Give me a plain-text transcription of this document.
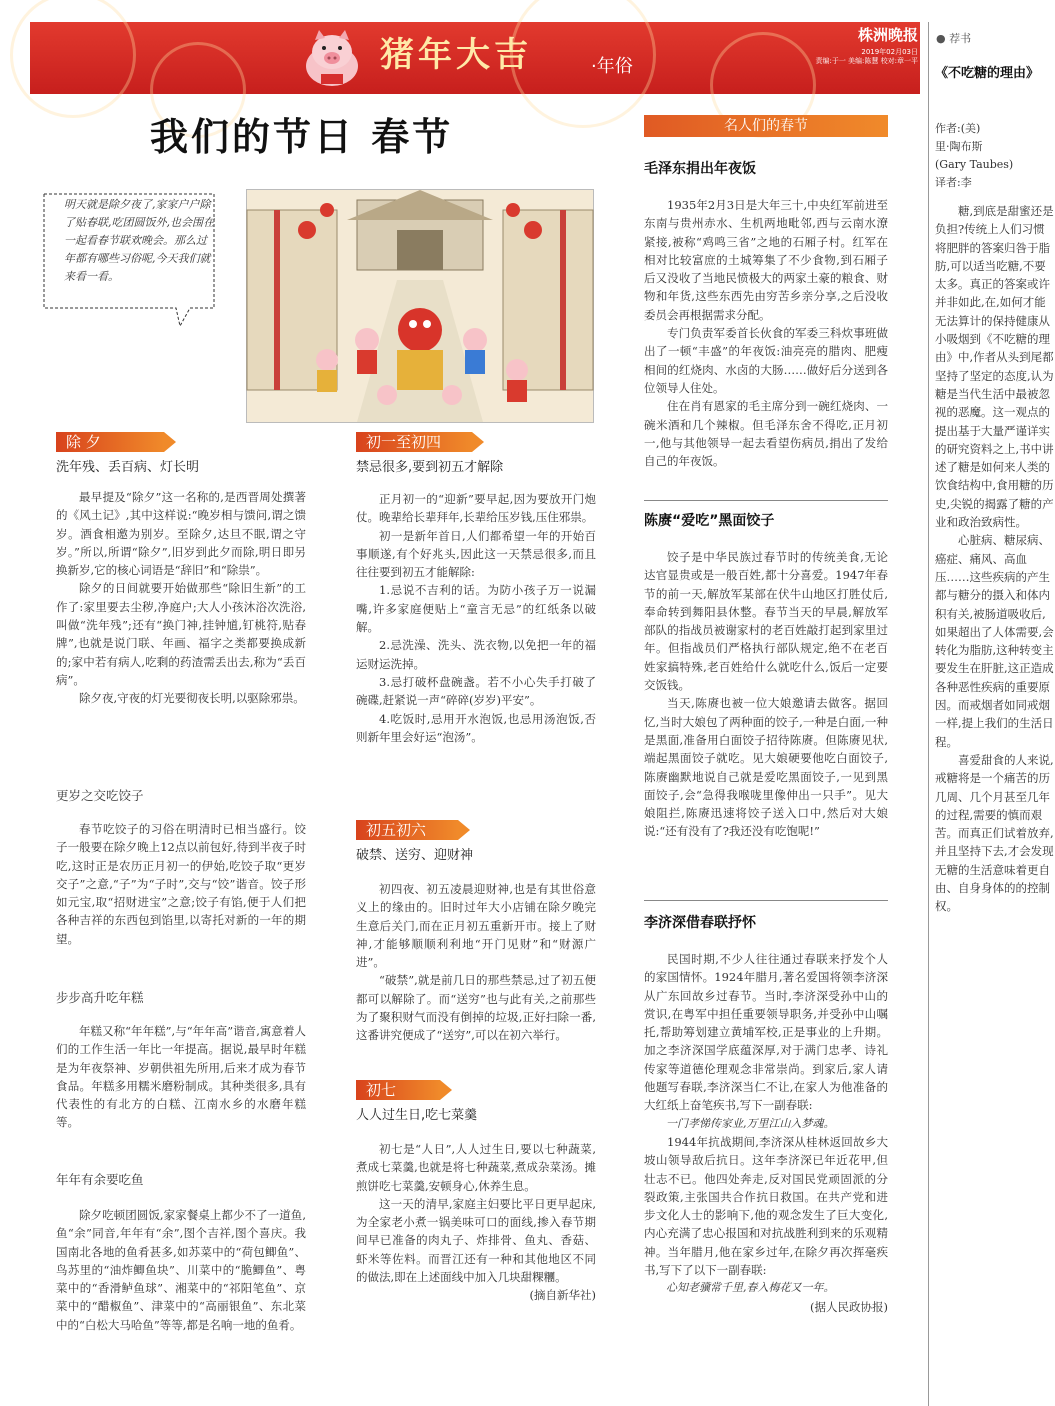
猪年大吉	·年俗
株洲晚报
2019年02月03日
责编:于一 美编:陈慧 校对:章一平
我们的节日 春节
明天就是除夕夜了,家家户户除了贴春联,吃团圆饭外,也会围在一起看春节联欢晚会。那么过年都有哪些习俗呢,今天我们就来看一看。
除 夕
洗年残、丢百病、灯长明

最早提及“除夕”这一名称的,是西晋周处撰著的《风土记》,其中这样说:“晚岁相与馈问,谓之馈岁。酒食相邀为别岁。至除夕,达旦不眠,谓之守岁。”所以,所谓“除夕”,旧岁到此夕而除,明日即另换新岁,它的核心词语是“辞旧”和“除祟”。

除夕的日间就要开始做那些“除旧生新”的工作了:家里要去尘秽,净庭户;大人小孩沐浴次洗浴,叫做“洗年残”;还有“换门神,挂钟馗,钉桃符,贴春牌”,也就是说门联、年画、福字之类都要换成新的;家中若有病人,吃剩的药渣需丢出去,称为“丢百病”。

除夕夜,守夜的灯光要彻夜长明,以驱除邪祟。

更岁之交吃饺子

春节吃饺子的习俗在明清时已相当盛行。饺子一般要在除夕晚上12点以前包好,待到半夜子时吃,这时正是农历正月初一的伊始,吃饺子取“更岁交子”之意,“子”为“子时”,交与“饺”谐音。饺子形如元宝,取“招财进宝”之意;饺子有馅,便于人们把各种吉祥的东西包到馅里,以寄托对新的一年的期望。

步步高升吃年糕

年糕又称“年年糕”,与“年年高”谐音,寓意着人们的工作生活一年比一年提高。据说,最早时年糕是为年夜祭神、岁朝供祖先所用,后来才成为春节食品。年糕多用糯米磨粉制成。其种类很多,具有代表性的有北方的白糕、江南水乡的水磨年糕等。

年年有余要吃鱼

除夕吃顿团圆饭,家家餐桌上都少不了一道鱼,鱼“余”同音,年年有“余”,图个吉祥,图个喜庆。我国南北各地的鱼肴甚多,如苏菜中的“荷包鲫鱼”、鸟苏里的“油炸鲫鱼块”、川菜中的“脆鲫鱼”、粤菜中的“香滑鲈鱼球”、湘菜中的“祁阳笔鱼”、京菜中的“醋椒鱼”、津菜中的“高丽银鱼”、东北菜中的“白松大马哈鱼”等等,都是名响一地的鱼肴。

初一至初四
禁忌很多,要到初五才解除

正月初一的“迎新”要早起,因为要放开门炮仗。晚辈给长辈拜年,长辈给压岁钱,压住邪祟。

初一是新年首日,人们都希望一年的开始百事顺遂,有个好兆头,因此这一天禁忌很多,而且往往要到初五才能解除:

1.忌说不吉利的话。为防小孩子万一说漏嘴,许多家庭便贴上“童言无忌”的红纸条以破解。

2.忌洗澡、洗头、洗衣物,以免把一年的福运财运洗掉。

3.忌打破杯盘碗盏。若不小心失手打破了碗碟,赶紧说一声“碎碎(岁岁)平安”。

4.吃饭时,忌用开水泡饭,也忌用汤泡饭,否则新年里会好运“泡汤”。

初五初六
破禁、送穷、迎财神

初四夜、初五凌晨迎财神,也是有其世俗意义上的缘由的。旧时过年大小店铺在除夕晚完生意后关门,而在正月初五重新开市。接上了财神,才能够顺顺利利地“开门见财”和“财源广进”。

“破禁”,就是前几日的那些禁忌,过了初五便都可以解除了。而“送穷”也与此有关,之前那些为了聚积财气而没有倒掉的垃圾,正好扫除一番,这番讲究便成了“送穷”,可以在初六举行。

初七
人人过生日,吃七菜羹

初七是“人日”,人人过生日,要以七种蔬菜,煮成七菜羹,也就是将七种蔬菜,煮成杂菜汤。摊煎饼吃七菜羹,安顿身心,休养生息。

这一天的清早,家庭主妇要比平日更早起床,为全家老小煮一锅美味可口的面线,掺入春节期间早已准备的肉丸子、炸排骨、鱼丸、香菇、虾米等佐料。而晋江还有一种和其他地区不同的做法,即在上述面线中加入几块甜粿糰。

(摘自新华社)

名人们的春节
毛泽东捐出年夜饭

1935年2月3日是大年三十,中央红军前进至东南与贵州赤水、生机两地毗邻,西与云南水潦紧接,被称“鸡鸣三省”之地的石厢子村。红军在相对比较富庶的土城筹集了不少食物,到石厢子后又没收了当地民愤极大的两家土豪的粮食、财物和年货,这些东西先由穷苦乡亲分享,之后没收委员会再根据需求分配。

专门负责军委首长伙食的军委三科炊事班做出了一顿“丰盛”的年夜饭:油亮亮的腊肉、肥瘦相间的红烧肉、水卤的大肠……做好后分送到各位领导人住处。

住在肖有恩家的毛主席分到一碗红烧肉、一碗米酒和几个辣椒。但毛泽东舍不得吃,正月初一,他与其他领导一起去看望伤病员,捐出了发给自己的年夜饭。

陈赓“爱吃”黑面饺子

饺子是中华民族过春节时的传统美食,无论达官显贵或是一般百姓,都十分喜爱。1947年春节的前一天,解放军某部在伏牛山地区打胜仗后,奉命转到舞阳县休整。春节当天的早晨,解放军部队的指战员被谢家村的老百姓敲打起到家里过年。但指战员们严格执行部队规定,绝不在老百姓家搞特殊,老百姓给什么就吃什么,饭后一定要交饭钱。

当天,陈赓也被一位大娘邀请去做客。据回忆,当时大娘包了两种面的饺子,一种是白面,一种是黑面,准备用白面饺子招待陈赓。但陈赓见状,端起黑面饺子就吃。见大娘硬要他吃白面饺子,陈赓幽默地说自己就是爱吃黑面饺子,一见到黑面饺子,会“急得我喉咙里像伸出一只手”。见大娘阻拦,陈赓迅速将饺子送入口中,然后对大娘说:“还有没有了?我还没有吃饱呢!”

李济深借春联抒怀

民国时期,不少人往往通过春联来抒发个人的家国情怀。1924年腊月,著名爱国将领李济深从广东回故乡过春节。当时,李济深受孙中山的赏识,在粤军中担任重要领导职务,并受孙中山嘱托,帮助筹划建立黄埔军校,正是事业的上升期。加之李济深国学底蕴深厚,对于满门忠孝、诗礼传家等道德伦理观念非常崇尚。到家后,家人请他题写春联,李济深当仁不让,在家人为他准备的大红纸上奋笔疾书,写下一副春联:

一门孝悌传家业,万里江山入梦魂。

1944年抗战期间,李济深从桂林返回故乡大坡山领导敌后抗日。这年李济深已年近花甲,但壮志不已。他四处奔走,反对国民党顽固派的分裂政策,主张国共合作抗日救国。在共产党和进步文化人士的影响下,他的观念发生了巨大变化,内心充满了忠心报国和对抗战胜利到来的乐观精神。当年腊月,他在家乡过年,在除夕再次挥毫疾书,写下了以下一副春联:

心知老骥常千里,春入梅花又一年。

(据人民政协报)

● 荐书
《不吃糖的理由》
作者:(美)
里·陶布斯
(Gary Taubes)
译者:李

糖,到底是甜蜜还是负担?传统上人们习惯将肥胖的答案归咎于脂肪,可以适当吃糖,不要太多。真正的答案或许并非如此,在,如何才能无法算计的保持健康从小吸烟到《不吃糖的理由》中,作者从头到尾都坚持了坚定的态度,认为糖是当代生活中最被忽视的恶魔。这一观点的提出基于大量严谨详实的研究资料之上,书中讲述了糖是如何来人类的饮食结构中,食用糖的历史,尖锐的揭露了糖的产业和政治致病性。

心脏病、糖尿病、癌症、痛风、高血压……这些疾病的产生都与糖分的摄入和体内积有关,被肠道吸收后,如果超出了人体需要,会转化为脂肪,这种转变主要发生在肝脏,这正造成各种恶性疾病的重要原因。而戒烟者如同戒烟一样,提上我们的生活日程。

喜爱甜食的人来说,戒糖将是一个痛苦的历几周、几个月甚至几年的过程,需要的慎而艰苦。而真正们试着放弃,并且坚持下去,才会发现无糖的生活意味着更自由、自身身体的的控制权。
